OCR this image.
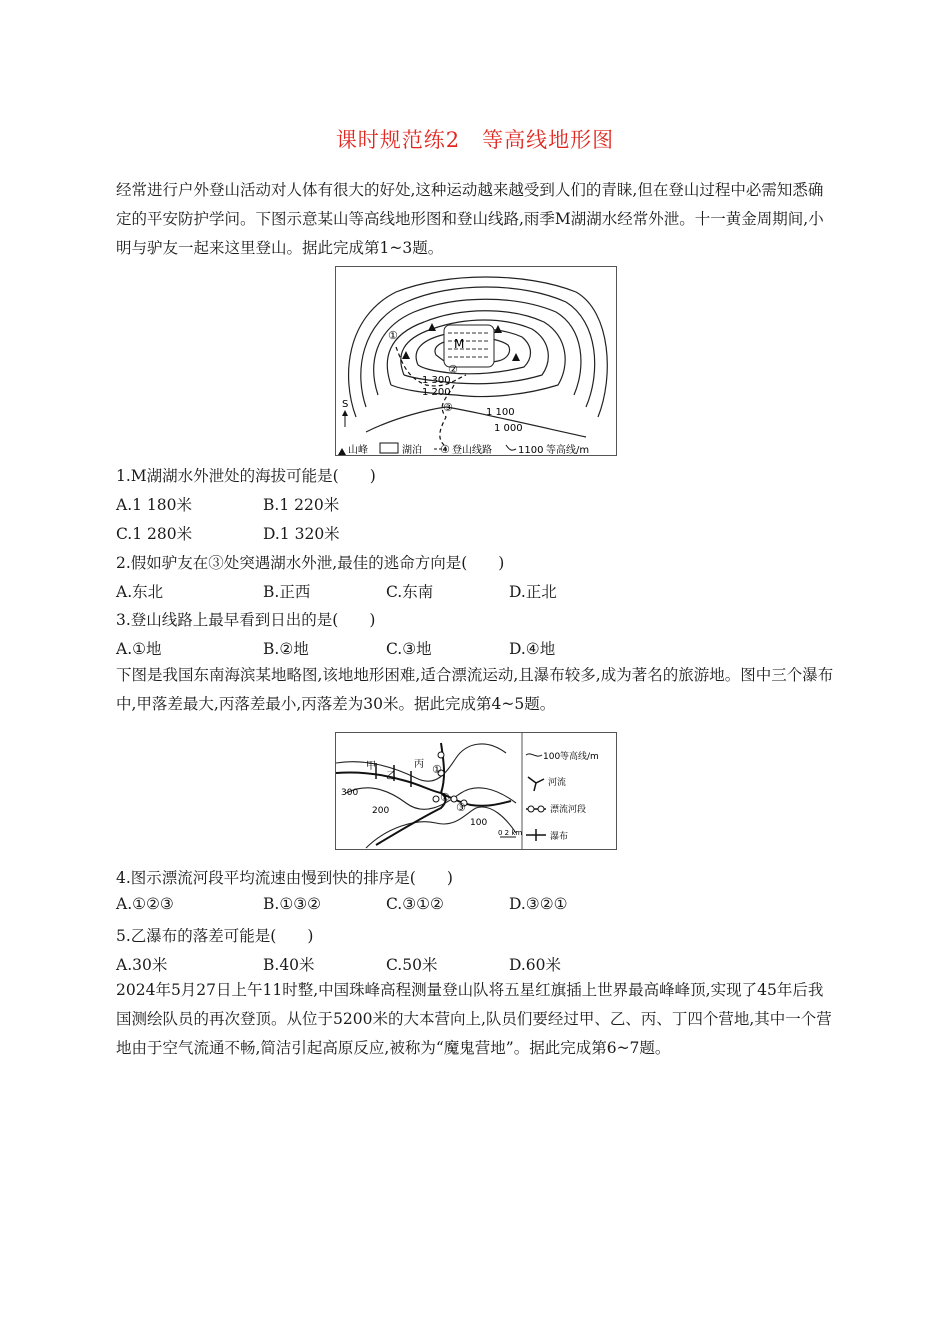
课时规范练2　等高线地形图
经常进行户外登山活动对人体有很大的好处,这种运动越来越受到人们的青睐,但在登山过程中必需知悉确定的平安防护学问。下图示意某山等高线地形图和登山线路,雨季M湖湖水经常外泄。十一黄金周期间,小明与驴友一起来这里登山。据此完成第1~3题。
M
①
②
③
④
1 300
1 200
1 100
1 000
S
山峰	湖泊	登山线路	1100 等高线/m
1.M湖湖水外泄处的海拔可能是(　　)
A.1 180米	B.1 220米
C.1 280米	D.1 320米
2.假如驴友在③处突遇湖水外泄,最佳的逃命方向是(　　)
A.东北	B.正西	C.东南	D.正北
3.登山线路上最早看到日出的是(　　)
A.①地	B.②地	C.③地	D.④地
下图是我国东南海滨某地略图,该地地形困难,适合漂流运动,且瀑布较多,成为著名的旅游地。图中三个瀑布中,甲落差最大,丙落差最小,丙落差为30米。据此完成第4~5题。
甲
乙
丙 ①
②
③
300
200
100
0 2 km
100 等高线/m
河流
漂流河段
瀑布
4.图示漂流河段平均流速由慢到快的排序是(　　)
A.①②③	B.①③②	C.③①②	D.③②①
5.乙瀑布的落差可能是(　　)
A.30米	B.40米	C.50米	D.60米
2024年5月27日上午11时整,中国珠峰高程测量登山队将五星红旗插上世界最高峰峰顶,实现了45年后我国测绘队员的再次登顶。从位于5200米的大本营向上,队员们要经过甲、乙、丙、丁四个营地,其中一个营地由于空气流通不畅,简洁引起高原反应,被称为“魔鬼营地”。据此完成第6~7题。
